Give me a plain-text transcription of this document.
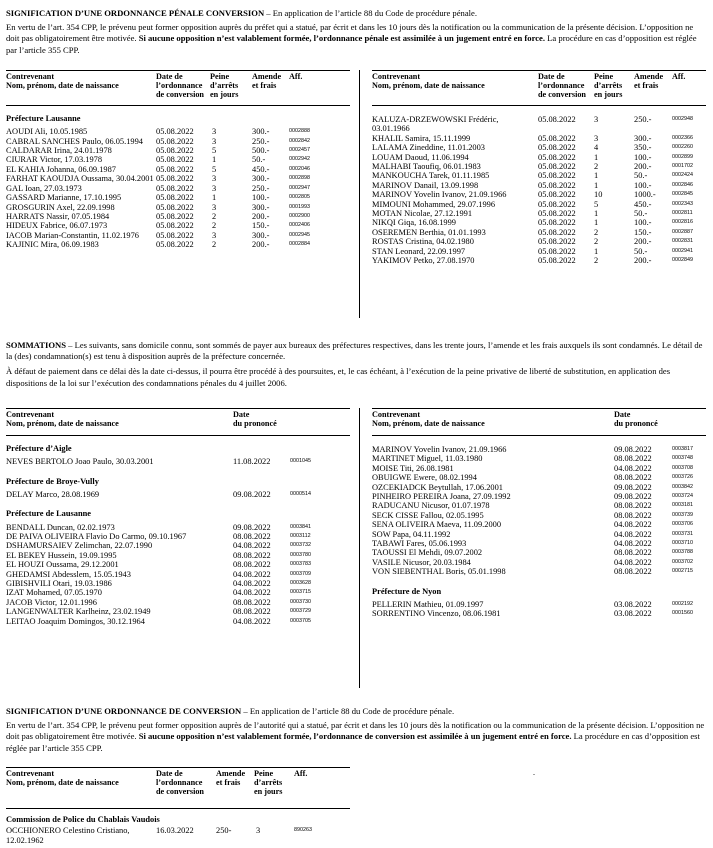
SIGNIFICATION D’UNE ORDONNANCE PÉNALE CONVERSION – En application de l’article 88 du Code de procédure pénale.

En vertu de l’art. 354 CPP, le prévenu peut former opposition auprès du préfet qui a statué, par écrit et dans les 10 jours dès la notification ou la communication de la présente décision. L’opposition ne doit pas obligatoirement être motivée. Si aucune opposition n’est valablement formée, l’ordonnance pénale est assimilée à un jugement entré en force. La procédure en cas d’opposition est réglée par l’article 355 CPP.

Contrevenant
Nom, prénom, date de naissance
Date de
l’ordonnance
de conversion
Peine
d’arrêts
en jours
Amende
et frais
Aff.
Préfecture Lausanne
AOUDI Ali, 10.05.1985	05.08.2022 3	300.-	0002888
CABRAL SANCHES Paulo, 06.05.1994	05.08.2022 3	250.-	0002842
CALDARAR Irina, 24.01.1978	05.08.2022 5	500.-	0002457
CIURAR Victor, 17.03.1978	05.08.2022 1	50.-	0002942
EL KAHIA Johanna, 06.09.1987	05.08.2022 5	450.-	0002046
FARHAT KAOUDJA Oussama, 30.04.2001 05.08.2022 3	300.-	0002898
GAL Ioan, 27.03.1973	05.08.2022 3	250.-	0002947
GASSARD Marianne, 17.10.1995	05.08.2022 1	100.-	0002805
GROSGURIN Axel, 22.09.1998	05.08.2022 3	300.-	0001993
HARRATS Nassir, 07.05.1984	05.08.2022 2	200.-	0002900
HIDEUX Fabrice, 06.07.1973	05.08.2022 2	150.-	0002406
IACOB Marian-Constantin, 11.02.1976	05.08.2022 3	300.-	0002945
KAJINIC Mira, 06.09.1983	05.08.2022 2	200.-	0002884
Contrevenant
Nom, prénom, date de naissance
Date de
l’ordonnance
de conversion
Peine
d’arrêts
en jours
Amende
et frais
Aff.
KALUZA-DRZEWOWSKI Frédéric, 03.01.1966
05.08.2022 3	250.-	0002948
KHALIL Samira, 15.11.1999	05.08.2022 3	300.-	0002366
LALAMA Zineddine, 11.01.2003	05.08.2022 4	350.-	0002260
LOUAM Daoud, 11.06.1994	05.08.2022 1	100.-	0002899
MALHABI Taoufiq, 06.01.1983	05.08.2022 2	200.-	0001702
MANKOUCHA Tarek, 01.11.1985	05.08.2022 1	50.-	0002424
MARINOV Danail, 13.09.1998	05.08.2022 1	100.-	0002846
MARINOV Yovelin Ivanov, 21.09.1966	05.08.2022 10	1000.-	0002845
MIMOUNI Mohammed, 29.07.1996	05.08.2022 5	450.-	0002343
MOTAN Nicolae, 27.12.1991	05.08.2022 1	50.-	0002811
NIKQI Giqa, 16.08.1999	05.08.2022 1	100.-	0002816
OSEREMEN Berthia, 01.01.1993	05.08.2022 2	150.-	0002887
ROSTAS Cristina, 04.02.1980	05.08.2022 2	200.-	0002831
STAN Leonard, 22.09.1997	05.08.2022 1	50.-	0002941
YAKIMOV Petko, 27.08.1970	05.08.2022 2	200.-	0002849

SOMMATIONS – Les suivants, sans domicile connu, sont sommés de payer aux bureaux des préfectures respectives, dans les trente jours, l’amende et les frais auxquels ils sont condamnés. Le détail de la (des) condamnation(s) est tenu à disposition auprès de la préfecture concernée.

À défaut de paiement dans ce délai dès la date ci-dessus, il pourra être procédé à des poursuites, et, le cas échéant, à l’exécution de la peine privative de liberté de substitution, en application des dispositions de la loi sur l’exécution des condamnations pénales du 4 juillet 2006.

Contrevenant
Nom, prénom, date de naissance
Date
du prononcé
Préfecture d’Aigle
NEVES BERTOLO Joao Paulo, 30.03.2001	11.08.2022	0001045
Préfecture de Broye-Vully
DELAY Marco, 28.08.1969	09.08.2022	0000514
Préfecture de Lausanne
BENDALL Duncan, 02.02.1973	09.08.2022	0003841
DE PAIVA OLIVEIRA Flavio Do Carmo, 09.10.1967	08.08.2022	0003112
DSHAMURSAIEV Zelimchan, 22.07.1990	04.08.2022	0003732
EL BEKEY Hussein, 19.09.1995	08.08.2022	0003780
EL HOUZI Oussama, 29.12.2001	08.08.2022	0003783
GHEDAMSI Abdesslem, 15.05.1943	04.08.2022	0003709
GIBISHVILI Otari, 19.03.1986	04.08.2022	0003628
IZAT Mohamed, 07.05.1970	04.08.2022	0003715
JACOB Victor, 12.01.1996	08.08.2022	0003730
LANGENWALTER Karlheinz, 23.02.1949	08.08.2022	0003729
LEITAO Joaquim Domingos, 30.12.1964	04.08.2022	0003705
Contrevenant
Nom, prénom, date de naissance
Date
du prononcé
MARINOV Yovelin Ivanov, 21.09.1966	09.08.2022	0003817
MARTINET Miguel, 11.03.1980	08.08.2022	0003748
MOISE Titi, 26.08.1981	04.08.2022	0003708
OBUIGWE Ewere, 08.02.1994	08.08.2022	0003726
OZCEKIADCK Beytullah, 17.06.2001	09.08.2022	0003842
PINHEIRO PEREIRA Joana, 27.09.1992	09.08.2022	0003724
RADUCANU Nicusor, 01.07.1978	08.08.2022	0003181
SECK CISSE Fallou, 02.05.1995	08.08.2022	0003739
SENA OLIVEIRA Maeva, 11.09.2000	04.08.2022	0003706
SOW Papa, 04.11.1992	04.08.2022	0003731
TABAWI Fares, 05.06.1993	04.08.2022	0003710
TAOUSSI El Mehdi, 09.07.2002	08.08.2022	0003788
VASILE Nicusor, 20.03.1984	04.08.2022	0003702
VON SIEBENTHAL Boris, 05.01.1998	08.08.2022	0002715
Préfecture de Nyon
PELLERIN Mathieu, 01.09.1997	03.08.2022	0002192
SORRENTINO Vincenzo, 08.06.1981	03.08.2022	0001560

SIGNIFICATION D’UNE ORDONNANCE DE CONVERSION – En application de l’article 88 du Code de procédure pénale.

En vertu de l’art. 354 CPP, le prévenu peut former opposition auprès de l’autorité qui a statué, par écrit et dans les 10 jours dès la notification ou la communication de la présente décision. L’opposition ne doit pas obligatoirement être motivée. Si aucune opposition n’est valablement formée, l’ordonnance de conversion est assimilée à un jugement entré en force. La procédure en cas d’opposition est réglée par l’article 355 CPP.

Contrevenant
Nom, prénom, date de naissance
Date de
l’ordonnance
de conversion
Amende
et frais
Peine
d’arrêts
en jours
Aff.
Commission de Police du Chablais Vaudois
OCCHIONERO Celestino Cristiano, 12.02.1962
16.03.2022	250-	3	890263
.
